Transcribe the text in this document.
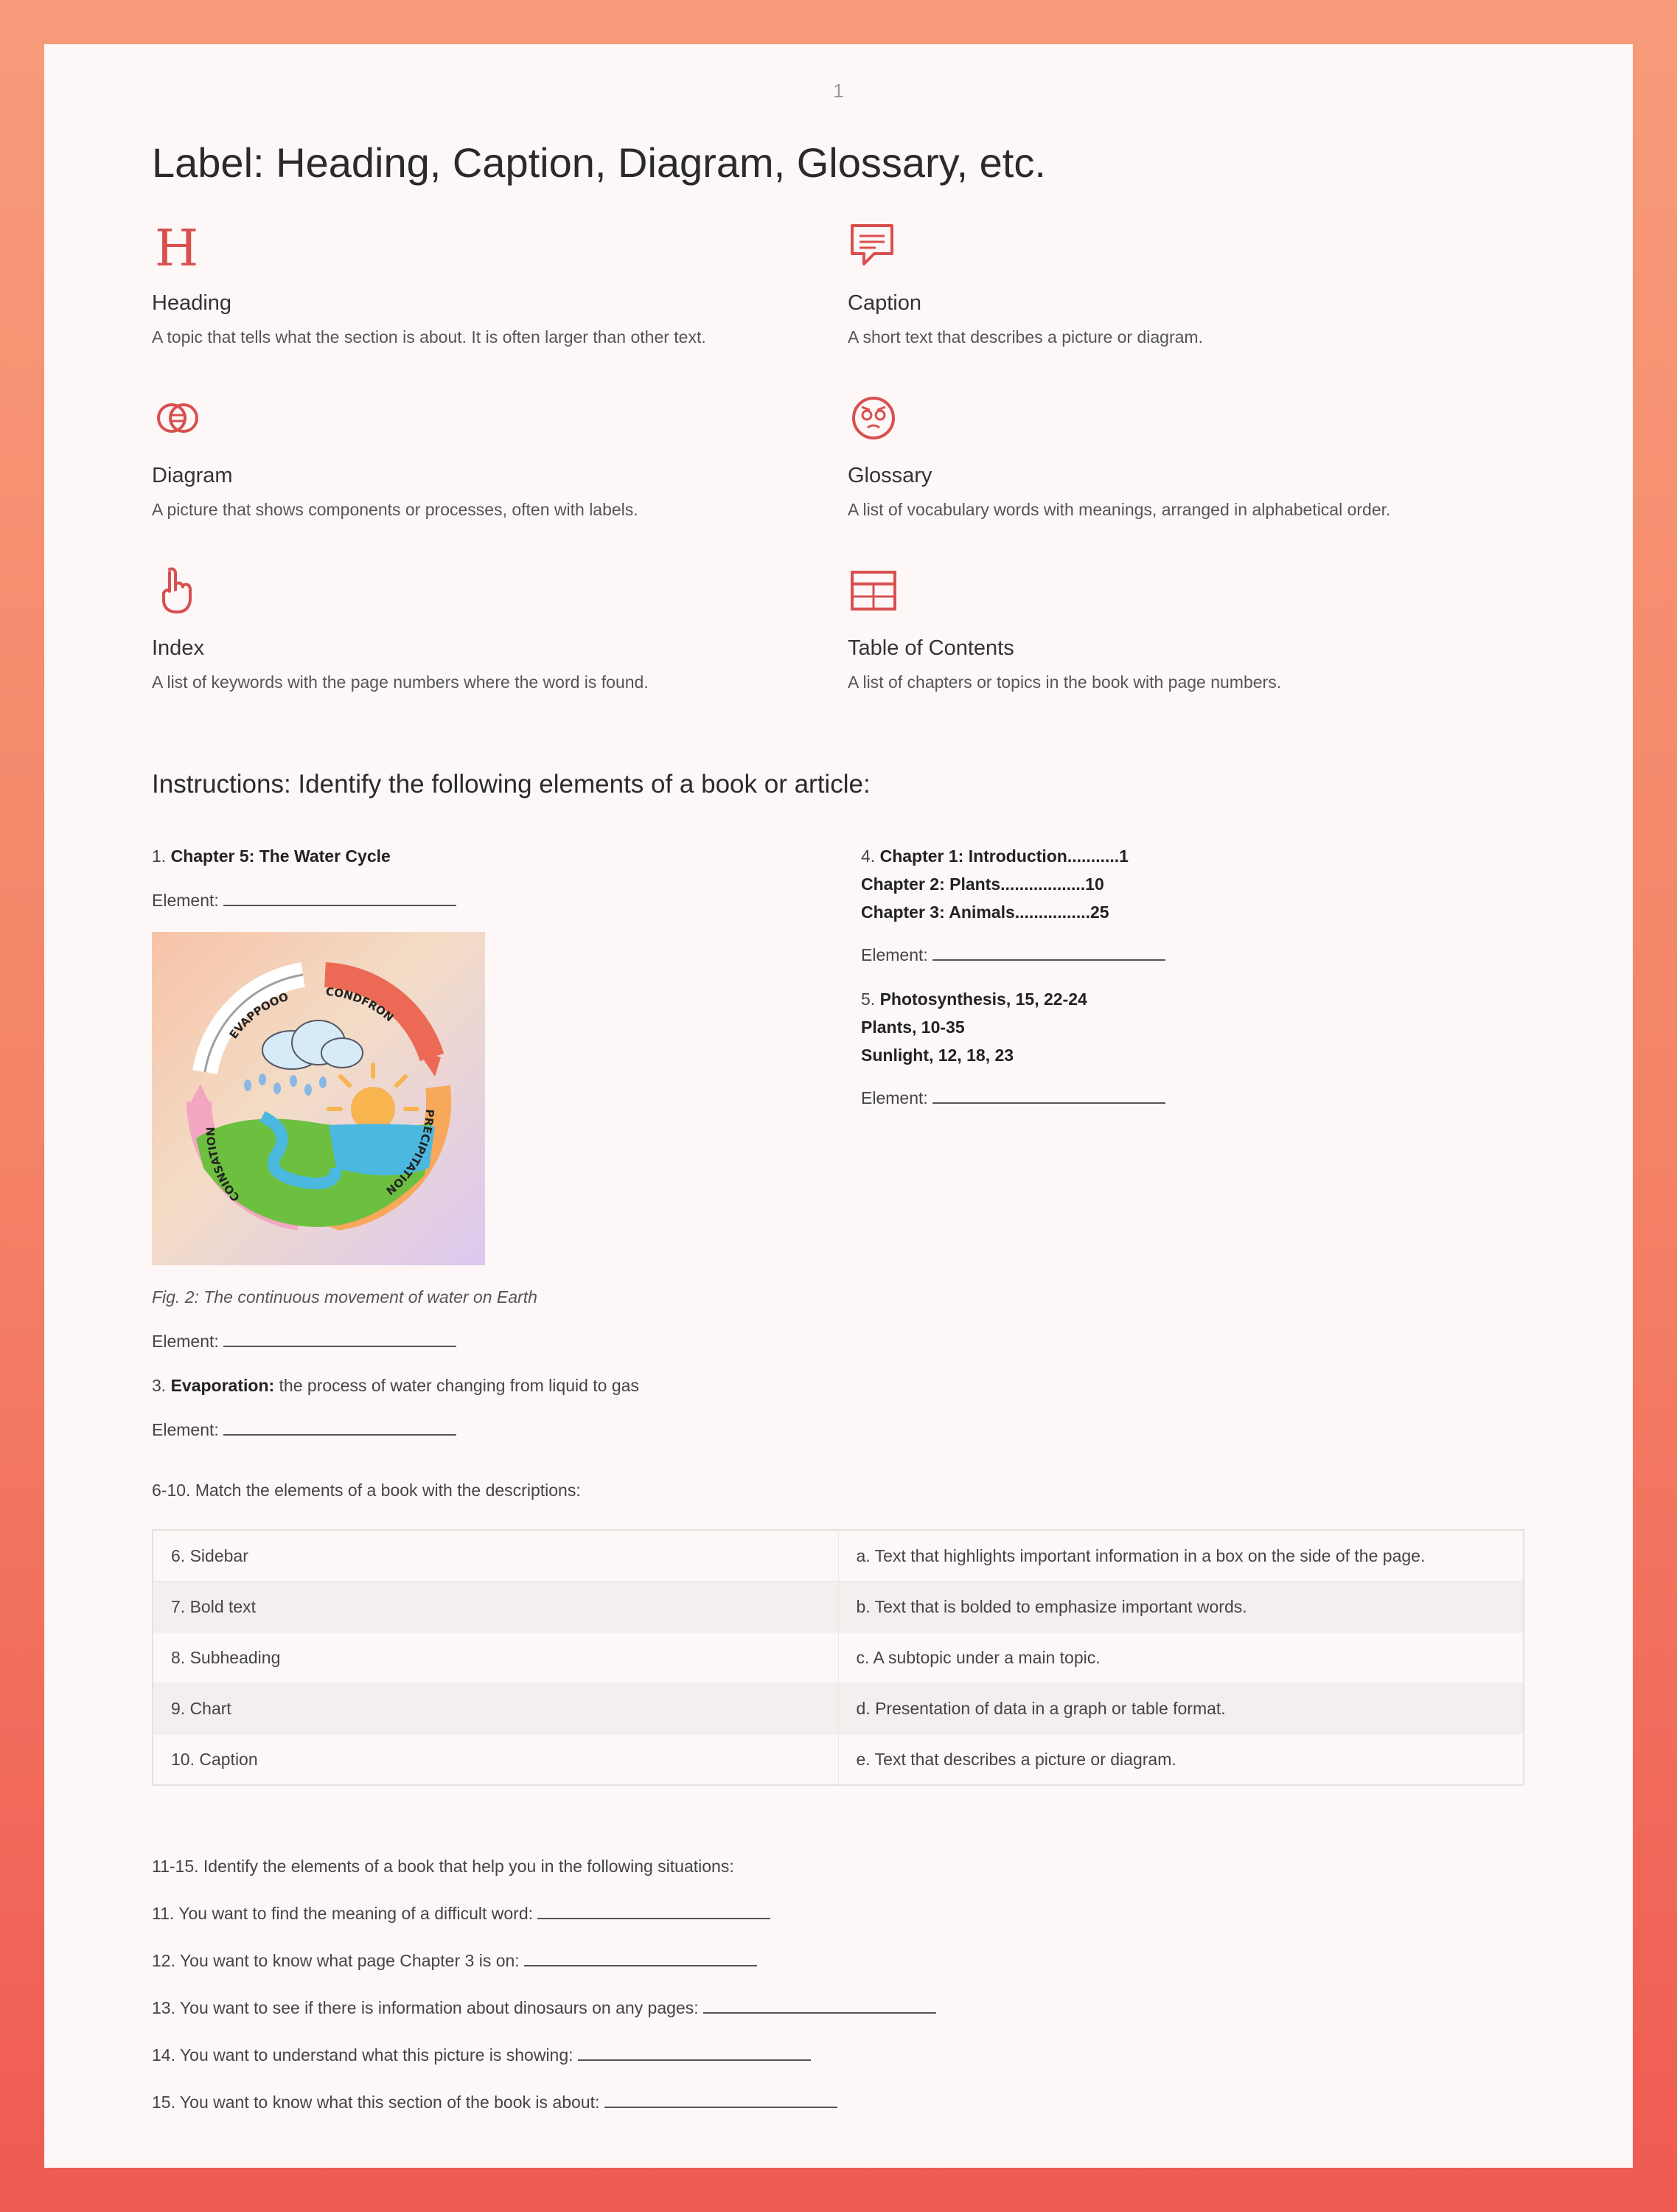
1
Label: Heading, Caption, Diagram, Glossary, etc.
H
Heading
A topic that tells what the section is about. It is often larger than other text.
Caption
A short text that describes a picture or diagram.
Diagram
A picture that shows components or processes, often with labels.
Glossary
A list of vocabulary words with meanings, arranged in alphabetical order.
Index
A list of keywords with the page numbers where the word is found.
Table of Contents
A list of chapters or topics in the book with page numbers.
Instructions: Identify the following elements of a book or article:
1. Chapter 5: The Water Cycle
Element:
EVAPPOOO	CONDFRON
PRECIPITATION
COINSATION
Fig. 2: The continuous movement of water on Earth
Element:
3. Evaporation: the process of water changing from liquid to gas
Element:
4. Chapter 1: Introduction...........1
Chapter 2: Plants..................10
Chapter 3: Animals................25
Element:
5. Photosynthesis, 15, 22-24
Plants, 10-35
Sunlight, 12, 18, 23
Element:
6-10. Match the elements of a book with the descriptions:
6. Sidebar	a. Text that highlights important information in a box on the side of the page.
7. Bold text	b. Text that is bolded to emphasize important words.
8. Subheading	c. A subtopic under a main topic.
9. Chart	d. Presentation of data in a graph or table format.
10. Caption	e. Text that describes a picture or diagram.
11-15. Identify the elements of a book that help you in the following situations:
11. You want to find the meaning of a difficult word:
12. You want to know what page Chapter 3 is on:
13. You want to see if there is information about dinosaurs on any pages:
14. You want to understand what this picture is showing:
15. You want to know what this section of the book is about:
